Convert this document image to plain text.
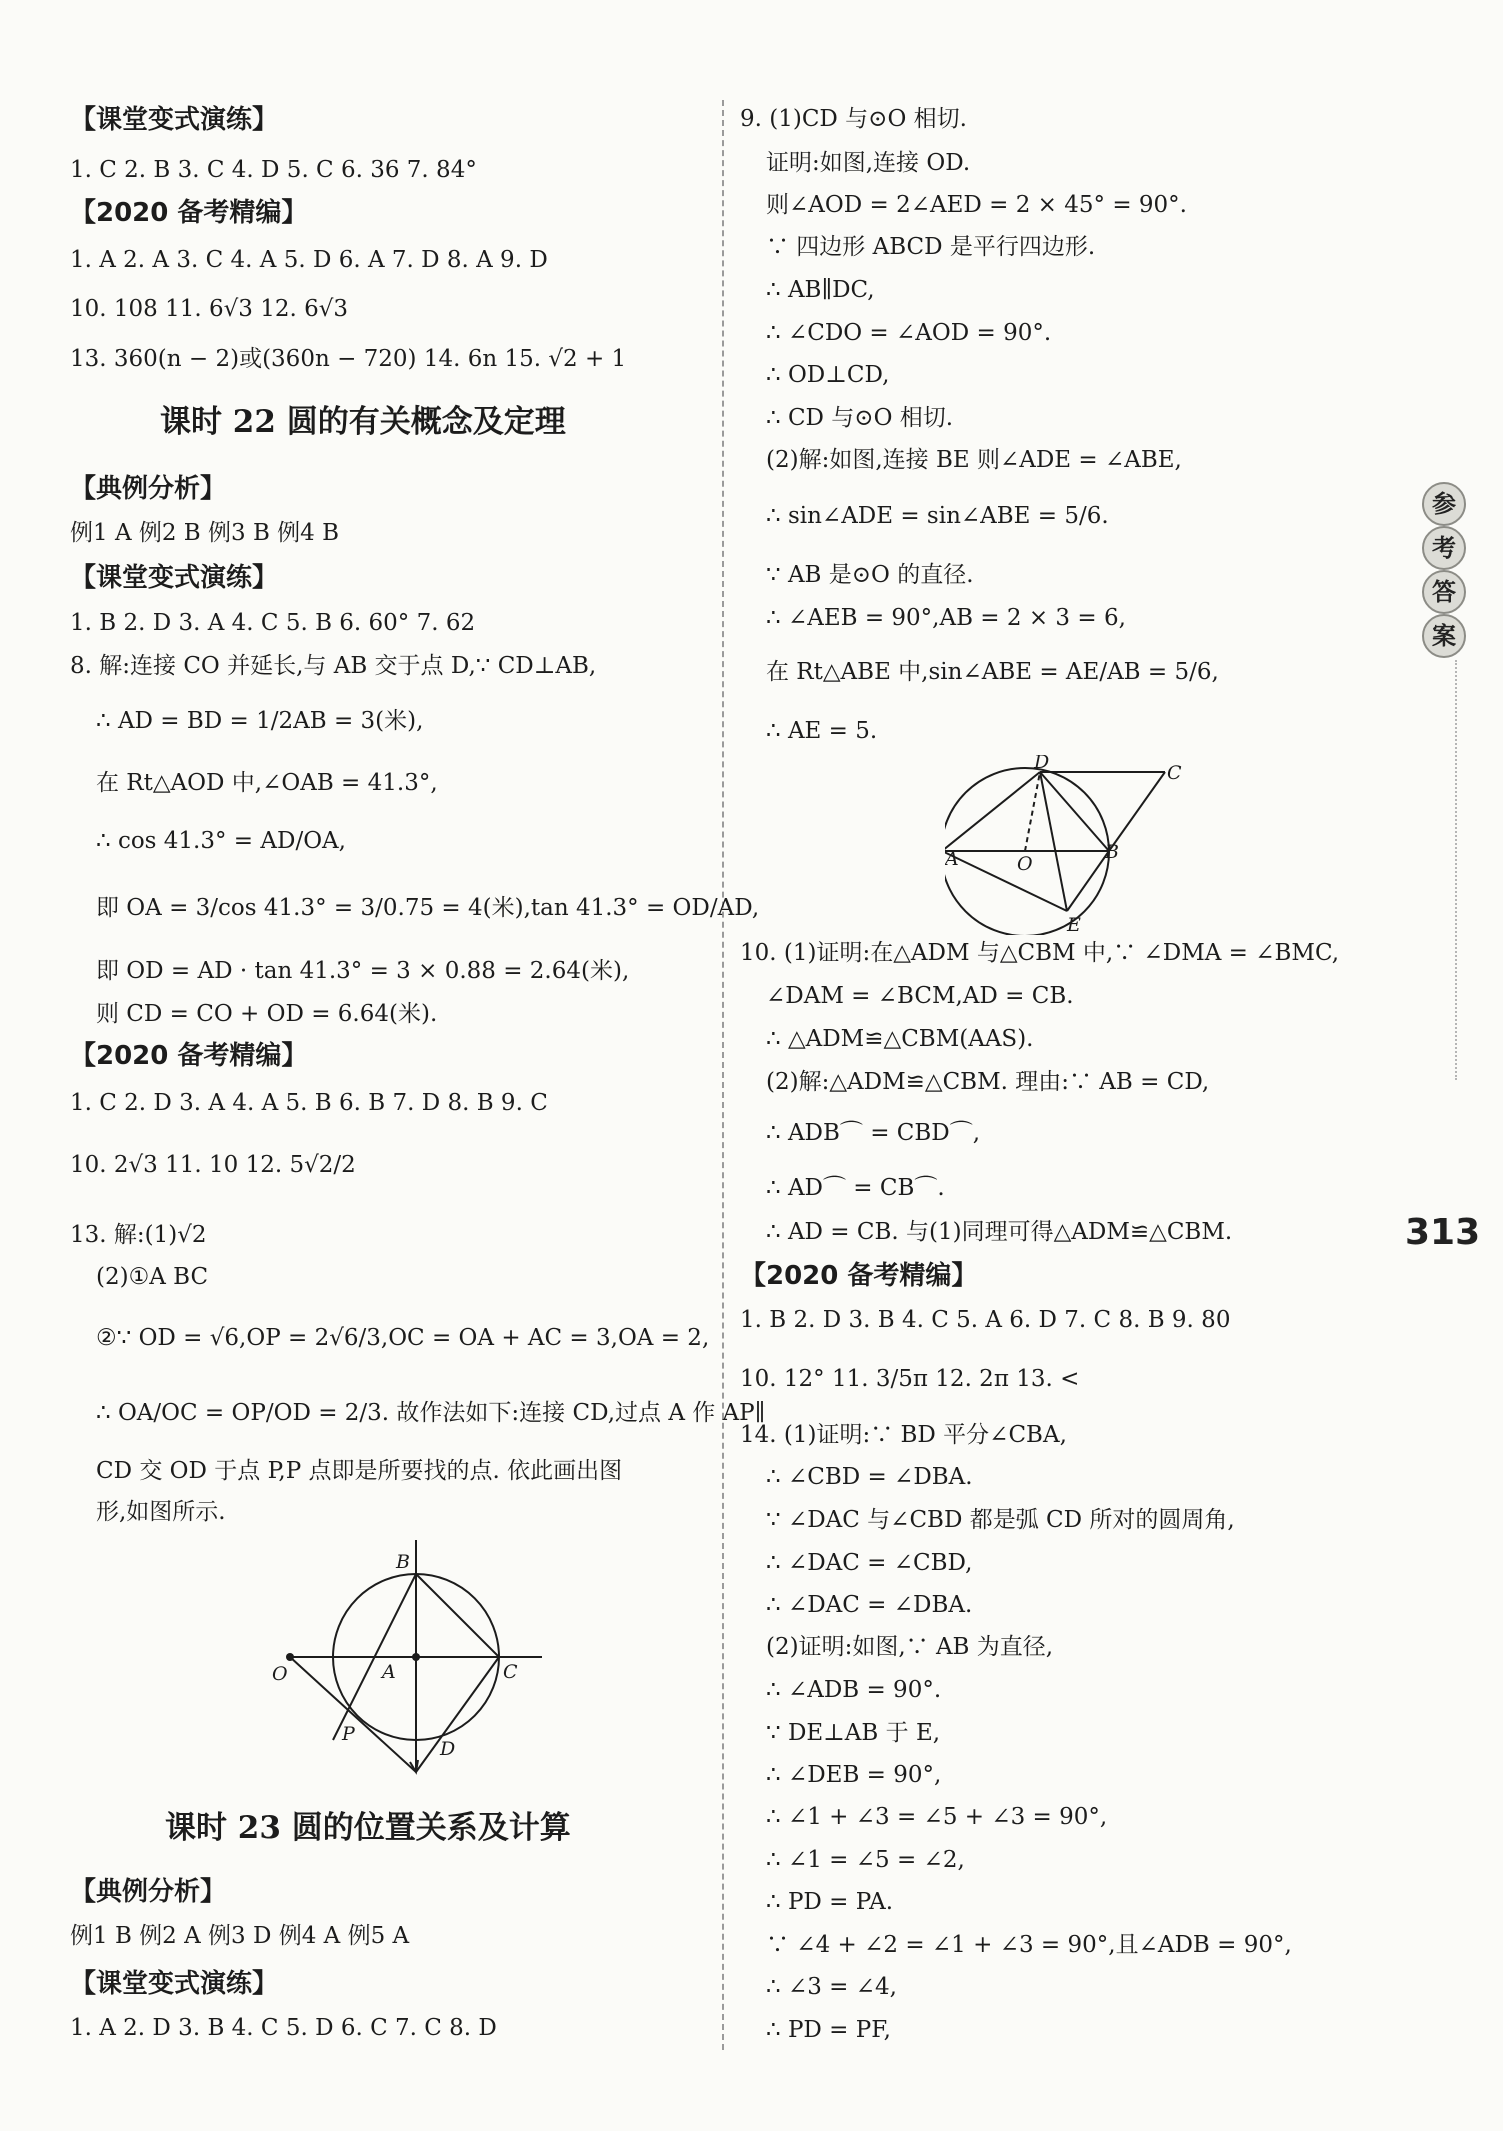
【课堂变式演练】
1. C 2. B 3. C 4. D 5. C 6. 36 7. 84°
【2020 备考精编】
1. A 2. A 3. C 4. A 5. D 6. A 7. D 8. A 9. D
10. 108 11. 6√3 12. 6√3
13. 360(n − 2)或(360n − 720) 14. 6n 15. √2 + 1
课时 22 圆的有关概念及定理
【典例分析】
例1 A 例2 B 例3 B 例4 B
【课堂变式演练】
1. B 2. D 3. A 4. C 5. B 6. 60° 7. 62
8. 解:连接 CO 并延长,与 AB 交于点 D,∵ CD⊥AB,
∴ AD = BD = 1/2AB = 3(米),
在 Rt△AOD 中,∠OAB = 41.3°,
∴ cos 41.3° = AD/OA,
即 OA = 3/cos 41.3° = 3/0.75 = 4(米),tan 41.3° = OD/AD,
即 OD = AD · tan 41.3° = 3 × 0.88 = 2.64(米),
则 CD = CO + OD = 6.64(米).
【2020 备考精编】
1. C 2. D 3. A 4. A 5. B 6. B 7. D 8. B 9. C
10. 2√3 11. 10 12. 5√2/2
13. 解:(1)√2
(2)①A BC
②∵ OD = √6,OP = 2√6/3,OC = OA + AC = 3,OA = 2,
∴ OA/OC = OP/OD = 2/3. 故作法如下:连接 CD,过点 A 作 AP∥
CD 交 OD 于点 P,P 点即是所要找的点. 依此画出图
形,如图所示.
课时 23 圆的位置关系及计算
【典例分析】
例1 B 例2 A 例3 D 例4 A 例5 A
【课堂变式演练】
1. A 2. D 3. B 4. C 5. D 6. C 7. C 8. D
9. (1)CD 与⊙O 相切.
证明:如图,连接 OD.
则∠AOD = 2∠AED = 2 × 45° = 90°.
∵ 四边形 ABCD 是平行四边形.
∴ AB∥DC,
∴ ∠CDO = ∠AOD = 90°.
∴ OD⊥CD,
∴ CD 与⊙O 相切.
(2)解:如图,连接 BE 则∠ADE = ∠ABE,
∴ sin∠ADE = sin∠ABE = 5/6.
∵ AB 是⊙O 的直径.
∴ ∠AEB = 90°,AB = 2 × 3 = 6,
在 Rt△ABE 中,sin∠ABE = AE/AB = 5/6,
∴ AE = 5.
10. (1)证明:在△ADM 与△CBM 中,∵ ∠DMA = ∠BMC,
∠DAM = ∠BCM,AD = CB.
∴ △ADM≌△CBM(AAS).
(2)解:△ADM≌△CBM. 理由:∵ AB = CD,
∴ ADB⌒ = CBD⌒,
∴ AD⌒ = CB⌒.
∴ AD = CB. 与(1)同理可得△ADM≌△CBM.
【2020 备考精编】
1. B 2. D 3. B 4. C 5. A 6. D 7. C 8. B 9. 80
10. 12° 11. 3/5π 12. 2π 13. <
14. (1)证明:∵ BD 平分∠CBA,
∴ ∠CBD = ∠DBA.
∵ ∠DAC 与∠CBD 都是弧 CD 所对的圆周角,
∴ ∠DAC = ∠CBD,
∴ ∠DAC = ∠DBA.
(2)证明:如图,∵ AB 为直径,
∴ ∠ADB = 90°.
∵ DE⊥AB 于 E,
∴ ∠DEB = 90°,
∴ ∠1 + ∠3 = ∠5 + ∠3 = 90°,
∴ ∠1 = ∠5 = ∠2,
∴ PD = PA.
∵ ∠4 + ∠2 = ∠1 + ∠3 = 90°,且∠ADB = 90°,
∴ ∠3 = ∠4,
∴ PD = PF,
参
考
答
案
313
D	C
A	O
B
E
B
O	A	C
P
D
